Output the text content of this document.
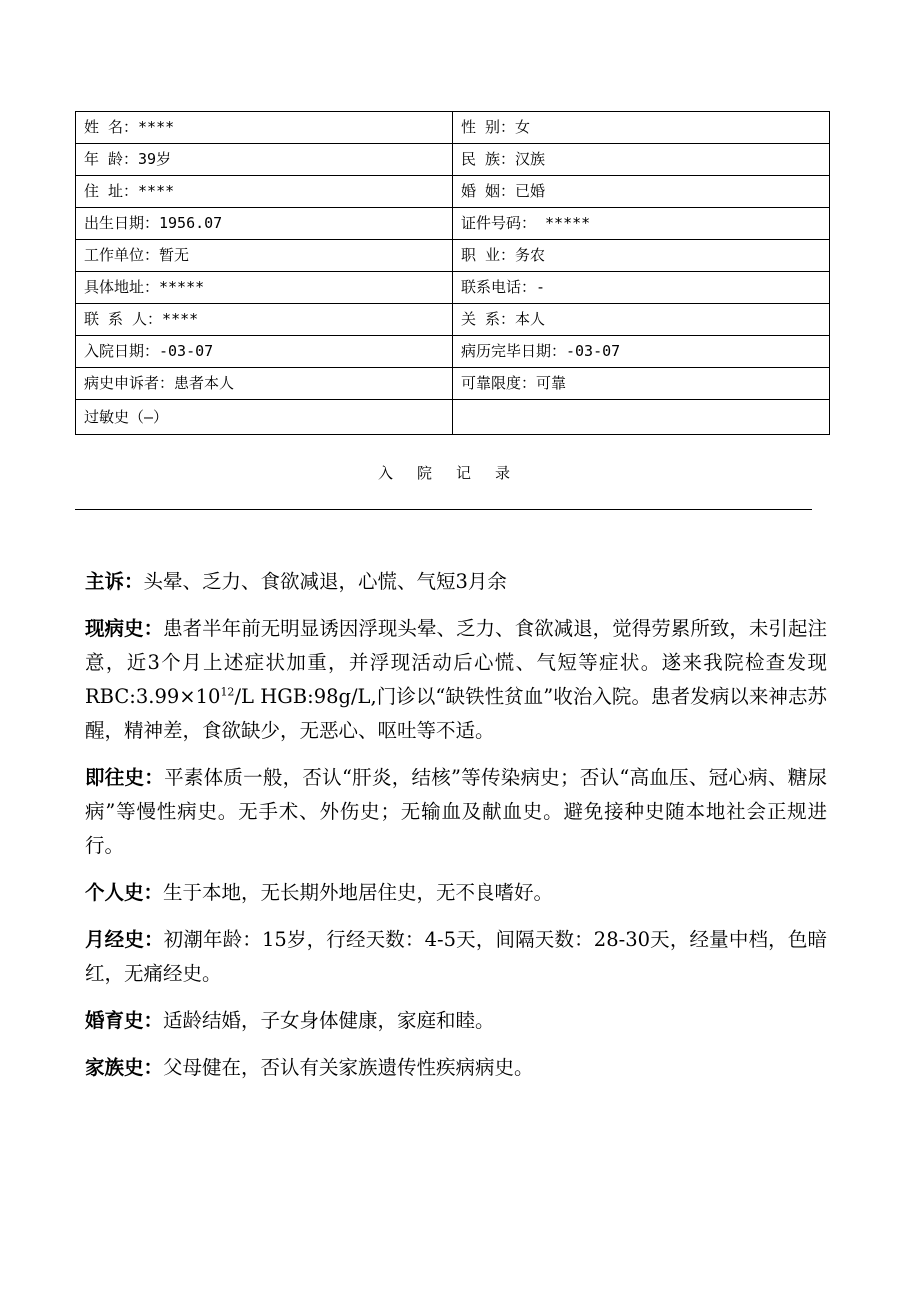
姓 名：****	性 别：女
年 龄：39岁	民 族：汉族
住 址：****	婚 姻：已婚
出生日期：1956.07	证件号码： *****
工作单位：暂无	职 业：务农
具体地址：*****	联系电话：-
联 系 人：****	关 系：本人
入院日期：-03-07	病历完毕日期：-03-07
病史申诉者：患者本人	可靠限度：可靠
过敏史（—）	
入院记录

主诉：头晕、乏力、食欲减退，心慌、气短3月余

现病史：患者半年前无明显诱因浮现头晕、乏力、食欲减退，觉得劳累所致，未引起注意，近3个月上述症状加重，并浮现活动后心慌、气短等症状。遂来我院检查发现 $RBC:3.99\times 10^{12}/L$ HGB:98g/L,门诊以“缺铁性贫血”收治入院。患者发病以来神志苏醒，精神差，食欲缺少，无恶心、呕吐等不适。

即往史：平素体质一般，否认“肝炎，结核”等传染病史；否认“高血压、冠心病、糖尿病”等慢性病史。无手术、外伤史；无输血及献血史。避免接种史随本地社会正规进行。

个人史：生于本地，无长期外地居住史，无不良嗜好。

月经史：初潮年龄：15岁，行经天数：4-5天，间隔天数：28-30天，经量中档，色暗红，无痛经史。

婚育史：适龄结婚，子女身体健康，家庭和睦。

家族史：父母健在，否认有关家族遗传性疾病病史。
